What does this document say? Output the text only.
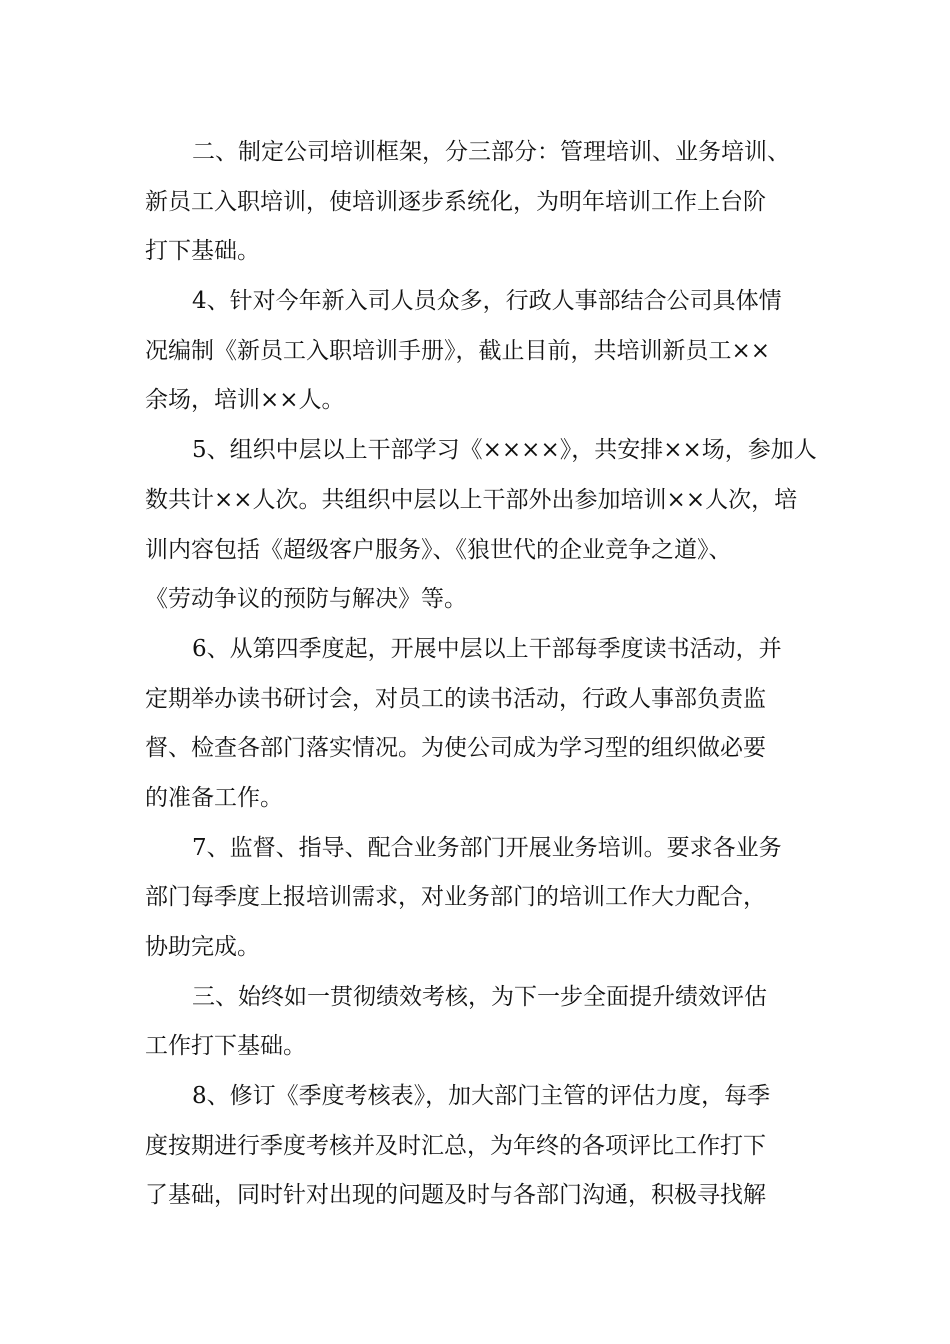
二、制定公司培训框架，分三部分：管理培训、业务培训、
新员工入职培训，使培训逐步系统化，为明年培训工作上台阶
打下基础。
4、针对今年新入司人员众多，行政人事部结合公司具体情
况编制《新员工入职培训手册》，截止目前，共培训新员工××
余场，培训××人。
5、组织中层以上干部学习《××××》，共安排××场，参加人
数共计××人次。共组织中层以上干部外出参加培训××人次，培
训内容包括《超级客户服务》、《狼世代的企业竞争之道》、
《劳动争议的预防与解决》等。
6、从第四季度起，开展中层以上干部每季度读书活动，并
定期举办读书研讨会，对员工的读书活动，行政人事部负责监
督、检查各部门落实情况。为使公司成为学习型的组织做必要
的准备工作。
7、监督、指导、配合业务部门开展业务培训。要求各业务
部门每季度上报培训需求，对业务部门的培训工作大力配合，
协助完成。
三、始终如一贯彻绩效考核，为下一步全面提升绩效评估
工作打下基础。
8、修订《季度考核表》，加大部门主管的评估力度，每季
度按期进行季度考核并及时汇总，为年终的各项评比工作打下
了基础，同时针对出现的问题及时与各部门沟通，积极寻找解
